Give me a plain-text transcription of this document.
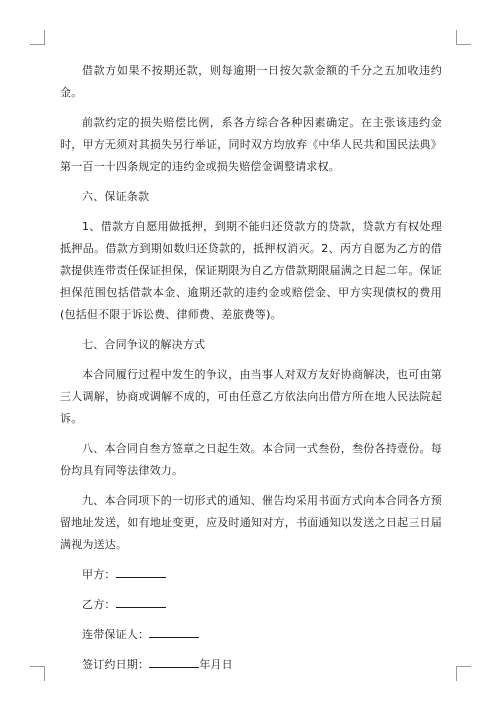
借款方如果不按期还款，则每逾期一日按欠款金额的千分之五加收违约金。

前款约定的损失赔偿比例，系各方综合各种因素确定。在主张该违约金时，甲方无须对其损失另行举证，同时双方均放弃《中华人民共和国民法典》第一百一十四条规定的违约金或损失赔偿金调整请求权。

六、保证条款

1、借款方自愿用做抵押，到期不能归还贷款方的贷款，贷款方有权处理抵押品。借款方到期如数归还贷款的，抵押权消灭。2、丙方自愿为乙方的借款提供连带责任保证担保，保证期限为自乙方借款期限届满之日起二年。保证担保范围包括借款本金、逾期还款的违约金或赔偿金、甲方实现债权的费用(包括但不限于诉讼费、律师费、差旅费等)。

七、合同争议的解决方式

本合同履行过程中发生的争议，由当事人对双方友好协商解决，也可由第三人调解，协商或调解不成的，可由任意乙方依法向出借方所在地人民法院起诉。

八、本合同自叁方签章之日起生效。本合同一式叁份，叁份各持壹份。每份均具有同等法律效力。

九、本合同项下的一切形式的通知、催告均采用书面方式向本合同各方预留地址发送，如有地址变更，应及时通知对方，书面通知以发送之日起三日届满视为送达。

甲方：
乙方：
连带保证人：
签订约日期：	年月日
